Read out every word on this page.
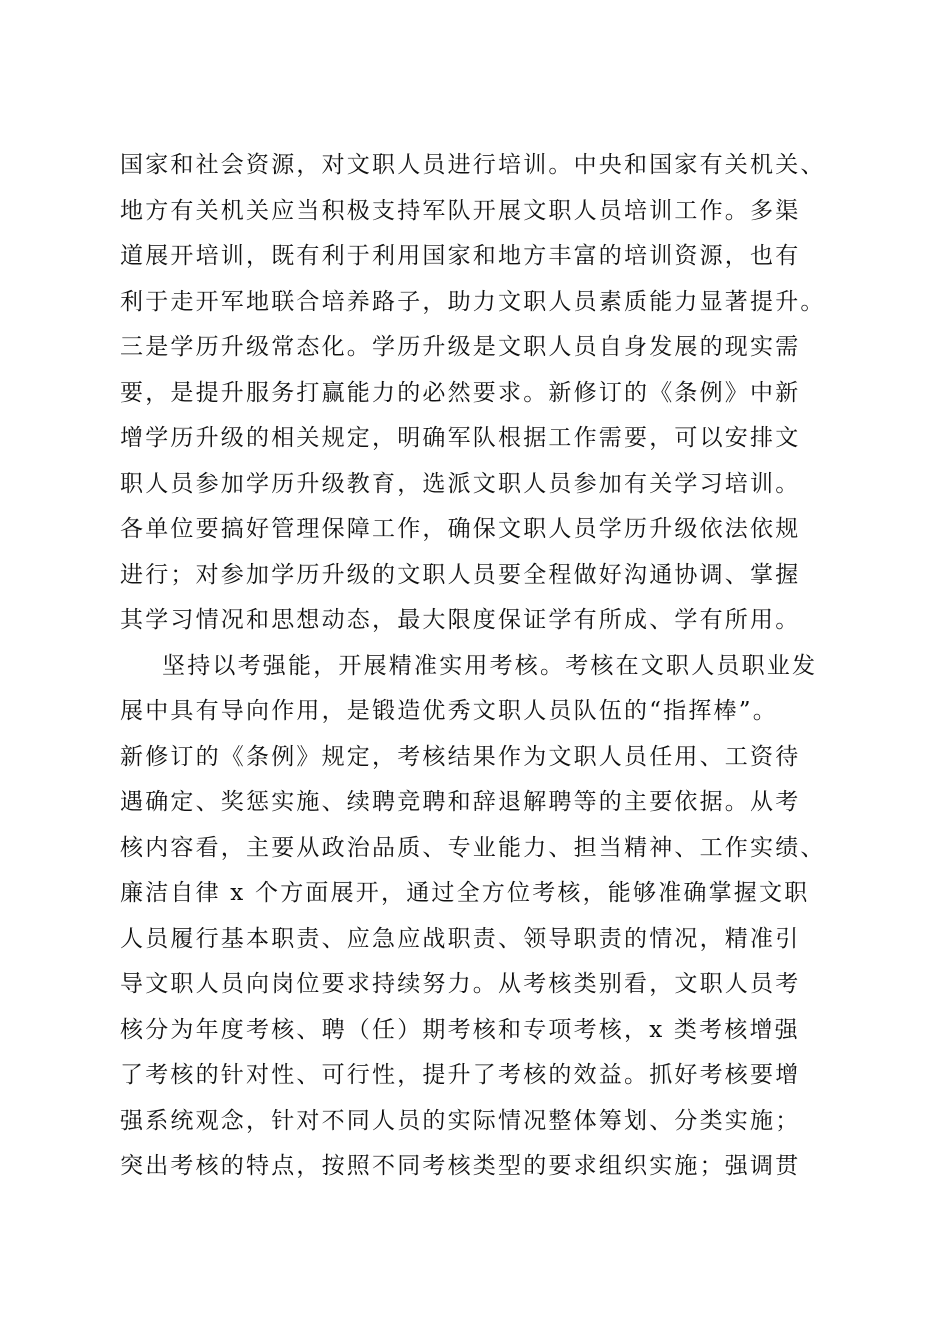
国家和社会资源，对文职人员进行培训。中央和国家有关机关、
地方有关机关应当积极支持军队开展文职人员培训工作。多渠
道展开培训，既有利于利用国家和地方丰富的培训资源，也有
利于走开军地联合培养路子，助力文职人员素质能力显著提升。
三是学历升级常态化。学历升级是文职人员自身发展的现实需
要，是提升服务打赢能力的必然要求。新修订的《条例》中新
增学历升级的相关规定，明确军队根据工作需要，可以安排文
职人员参加学历升级教育，选派文职人员参加有关学习培训。
各单位要搞好管理保障工作，确保文职人员学历升级依法依规
进行；对参加学历升级的文职人员要全程做好沟通协调、掌握
其学习情况和思想动态，最大限度保证学有所成、学有所用。
坚持以考强能，开展精准实用考核。考核在文职人员职业发
展中具有导向作用，是锻造优秀文职人员队伍的“指挥棒”。
新修订的《条例》规定，考核结果作为文职人员任用、工资待
遇确定、奖惩实施、续聘竞聘和辞退解聘等的主要依据。从考
核内容看，主要从政治品质、专业能力、担当精神、工作实绩、
廉洁自律 x 个方面展开，通过全方位考核，能够准确掌握文职
人员履行基本职责、应急应战职责、领导职责的情况，精准引
导文职人员向岗位要求持续努力。从考核类别看，文职人员考
核分为年度考核、聘（任）期考核和专项考核，x 类考核增强
了考核的针对性、可行性，提升了考核的效益。抓好考核要增
强系统观念，针对不同人员的实际情况整体筹划、分类实施；
突出考核的特点，按照不同考核类型的要求组织实施；强调贯
